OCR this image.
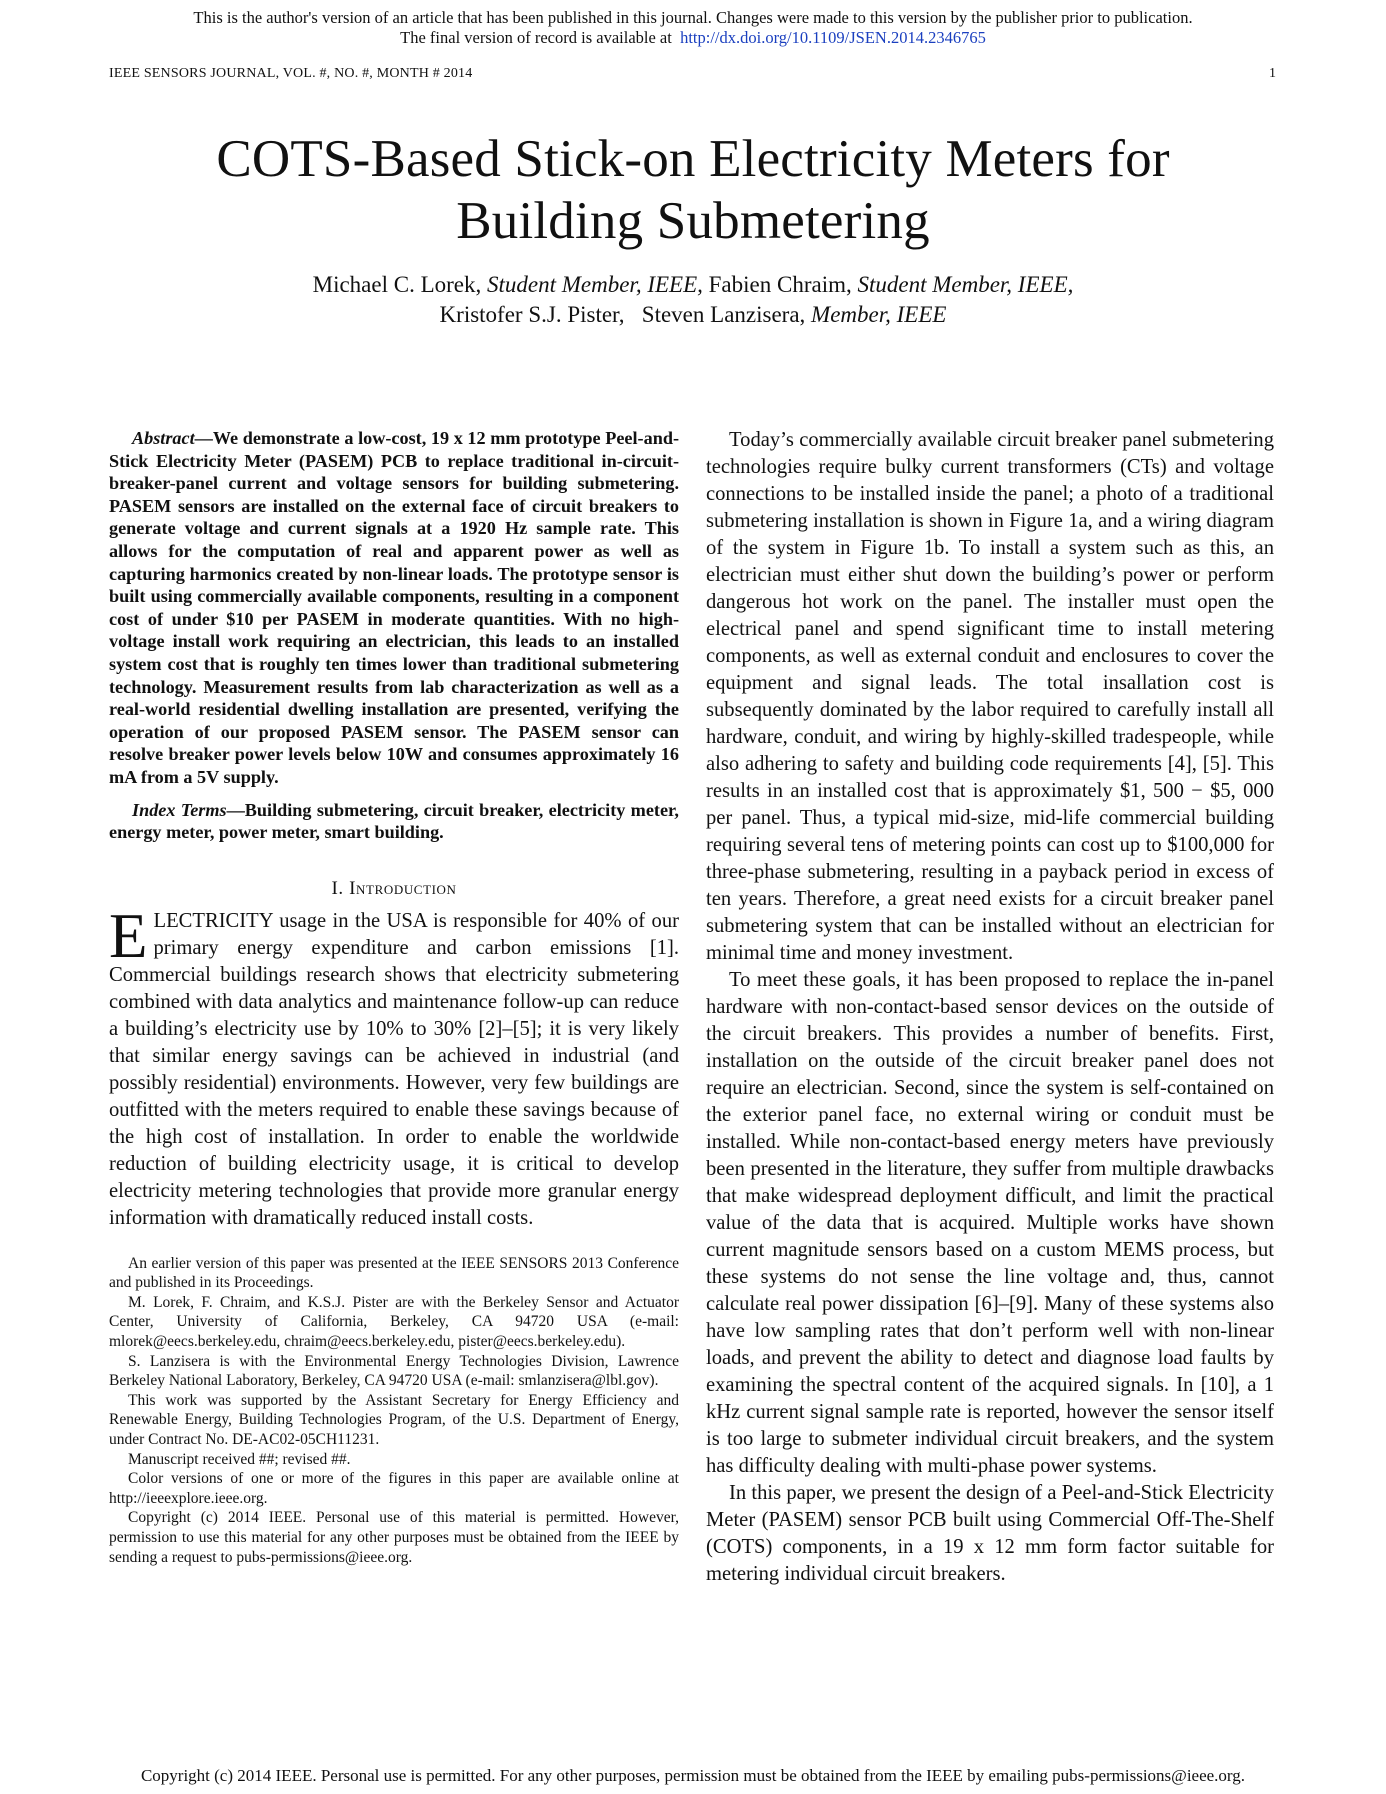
This is the author's version of an article that has been published in this journal. Changes were made to this version by the publisher prior to publication.
The final version of record is available at http://dx.doi.org/10.1109/JSEN.2014.2346765
IEEE SENSORS JOURNAL, VOL. #, NO. #, MONTH # 2014	1
COTS-Based Stick-on Electricity Meters for
Building Submetering
Michael C. Lorek, Student Member, IEEE, Fabien Chraim, Student Member, IEEE,
Kristofer S.J. Pister, Steven Lanzisera, Member, IEEE

Abstract—We demonstrate a low-cost, 19 x 12 mm prototype Peel-and-Stick Electricity Meter (PASEM) PCB to replace traditional in-circuit-breaker-panel current and voltage sensors for building submetering. PASEM sensors are installed on the external face of circuit breakers to generate voltage and current signals at a 1920 Hz sample rate. This allows for the computation of real and apparent power as well as capturing harmonics created by non-linear loads. The prototype sensor is built using commercially available components, resulting in a component cost of under $10 per PASEM in moderate quantities. With no high-voltage install work requiring an electrician, this leads to an installed system cost that is roughly ten times lower than traditional submetering technology. Measurement results from lab characterization as well as a real-world residential dwelling installation are presented, verifying the operation of our proposed PASEM sensor. The PASEM sensor can resolve breaker power levels below 10W and consumes approximately 16 mA from a 5V supply.

Index Terms—Building submetering, circuit breaker, electricity meter, energy meter, power meter, smart building.

I. Introduction

ELECTRICITY usage in the USA is responsible for 40% of our primary energy expenditure and carbon emissions [1]. Commercial buildings research shows that electricity submetering combined with data analytics and maintenance follow-up can reduce a building’s electricity use by 10% to 30% [2]–[5]; it is very likely that similar energy savings can be achieved in industrial (and possibly residential) environments. However, very few buildings are outfitted with the meters required to enable these savings because of the high cost of installation. In order to enable the worldwide reduction of building electricity usage, it is critical to develop electricity metering technologies that provide more granular energy information with dramatically reduced install costs.

An earlier version of this paper was presented at the IEEE SENSORS 2013 Conference and published in its Proceedings.

M. Lorek, F. Chraim, and K.S.J. Pister are with the Berkeley Sensor and Actuator Center, University of California, Berkeley, CA 94720 USA (e-mail: mlorek@eecs.berkeley.edu, chraim@eecs.berkeley.edu, pister@eecs.berkeley.edu).

S. Lanzisera is with the Environmental Energy Technologies Division, Lawrence Berkeley National Laboratory, Berkeley, CA 94720 USA (e-mail: smlanzisera@lbl.gov).

This work was supported by the Assistant Secretary for Energy Efficiency and Renewable Energy, Building Technologies Program, of the U.S. Department of Energy, under Contract No. DE-AC02-05CH11231.

Manuscript received ##; revised ##.

Color versions of one or more of the figures in this paper are available online at http://ieeexplore.ieee.org.

Copyright (c) 2014 IEEE. Personal use of this material is permitted. However, permission to use this material for any other purposes must be obtained from the IEEE by sending a request to pubs-permissions@ieee.org.

Today’s commercially available circuit breaker panel submetering technologies require bulky current transformers (CTs) and voltage connections to be installed inside the panel; a photo of a traditional submetering installation is shown in Figure 1a, and a wiring diagram of the system in Figure 1b. To install a system such as this, an electrician must either shut down the building’s power or perform dangerous hot work on the panel. The installer must open the electrical panel and spend significant time to install metering components, as well as external conduit and enclosures to cover the equipment and signal leads. The total insallation cost is subsequently dominated by the labor required to carefully install all hardware, conduit, and wiring by highly-skilled tradespeople, while also adhering to safety and building code requirements [4], [5]. This results in an installed cost that is approximately $1, 500 − $5, 000 per panel. Thus, a typical mid-size, mid-life commercial building requiring several tens of metering points can cost up to $100,000 for three-phase submetering, resulting in a payback period in excess of ten years. Therefore, a great need exists for a circuit breaker panel submetering system that can be installed without an electrician for minimal time and money investment.

To meet these goals, it has been proposed to replace the in-panel hardware with non-contact-based sensor devices on the outside of the circuit breakers. This provides a number of benefits. First, installation on the outside of the circuit breaker panel does not require an electrician. Second, since the system is self-contained on the exterior panel face, no external wiring or conduit must be installed. While non-contact-based energy meters have previously been presented in the literature, they suffer from multiple drawbacks that make widespread deployment difficult, and limit the practical value of the data that is acquired. Multiple works have shown current magnitude sensors based on a custom MEMS process, but these systems do not sense the line voltage and, thus, cannot calculate real power dissipation [6]–[9]. Many of these systems also have low sampling rates that don’t perform well with non-linear loads, and prevent the ability to detect and diagnose load faults by examining the spectral content of the acquired signals. In [10], a 1 kHz current signal sample rate is reported, however the sensor itself is too large to submeter individual circuit breakers, and the system has difficulty dealing with multi-phase power systems.

In this paper, we present the design of a Peel-and-Stick Electricity Meter (PASEM) sensor PCB built using Commercial Off-The-Shelf (COTS) components, in a 19 x 12 mm form factor suitable for metering individual circuit breakers.

Copyright (c) 2014 IEEE. Personal use is permitted. For any other purposes, permission must be obtained from the IEEE by emailing pubs-permissions@ieee.org.
